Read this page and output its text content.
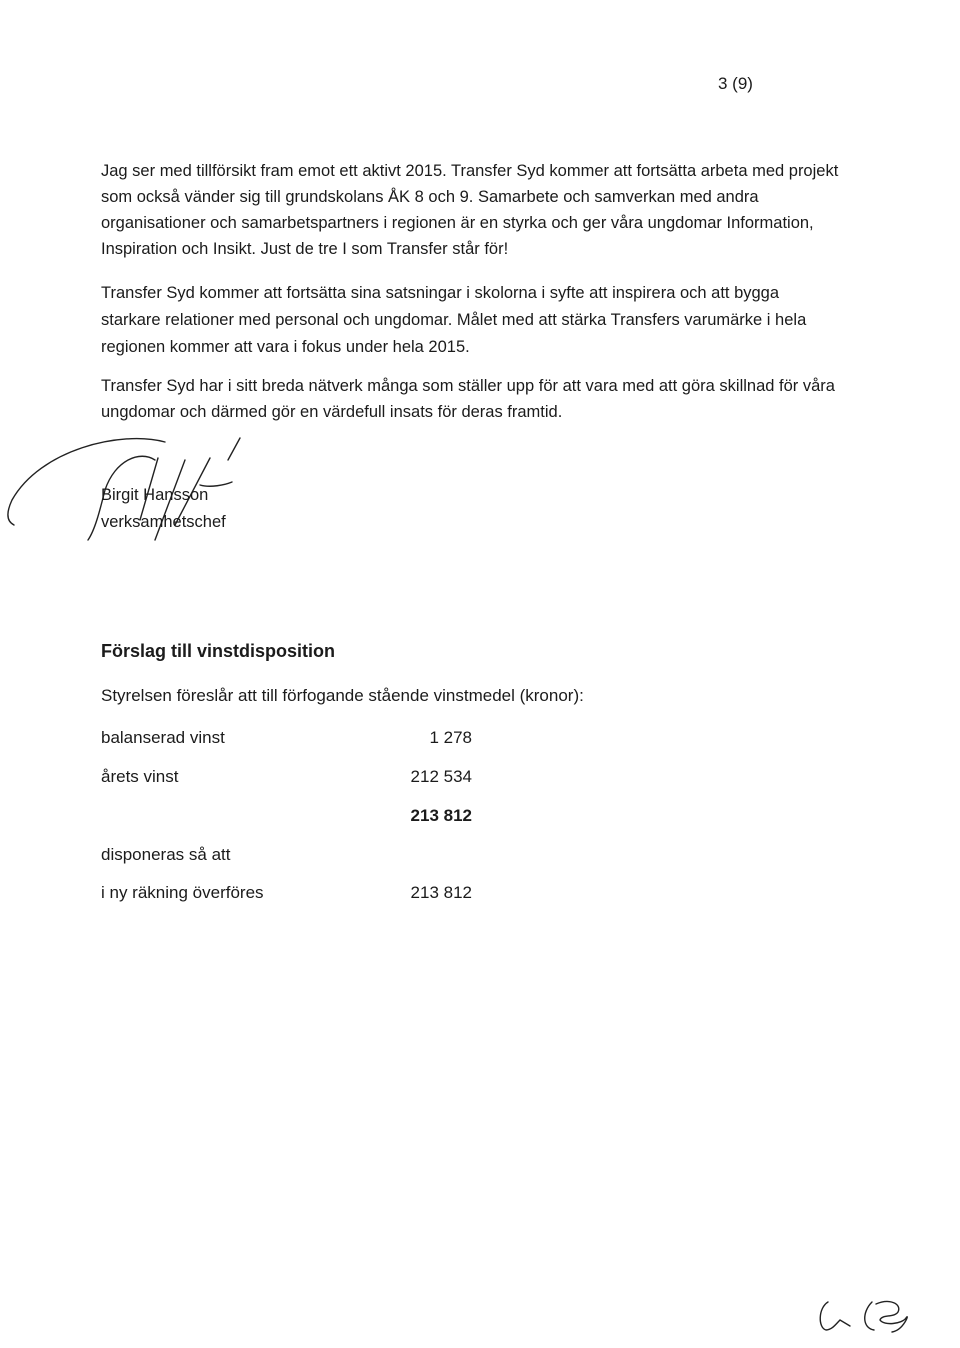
3 (9)

Jag ser med tillförsikt fram emot ett aktivt 2015. Transfer Syd kommer att fortsätta arbeta med projekt som också vänder sig till grundskolans ÅK 8 och 9. Samarbete och samverkan med andra organisationer och samarbetspartners i regionen är en styrka och ger våra ungdomar Information, Inspiration och Insikt. Just de tre I som Transfer står för!

Transfer Syd kommer att fortsätta sina satsningar i skolorna i syfte att inspirera och att bygga starkare relationer med personal och ungdomar. Målet med att stärka Transfers varumärke i hela regionen kommer att vara i fokus under hela 2015.

Transfer Syd har i sitt breda nätverk många som ställer upp för att vara med att göra skillnad för våra ungdomar och därmed gör en värdefull insats för deras framtid.

Birgit Hansson
verksamhetschef
Förslag till vinstdisposition
Styrelsen föreslår att till förfogande stående vinstmedel (kronor):
balanserad vinst	1 278
årets vinst	212 534
213 812
disponeras så att
i ny räkning överföres	213 812
